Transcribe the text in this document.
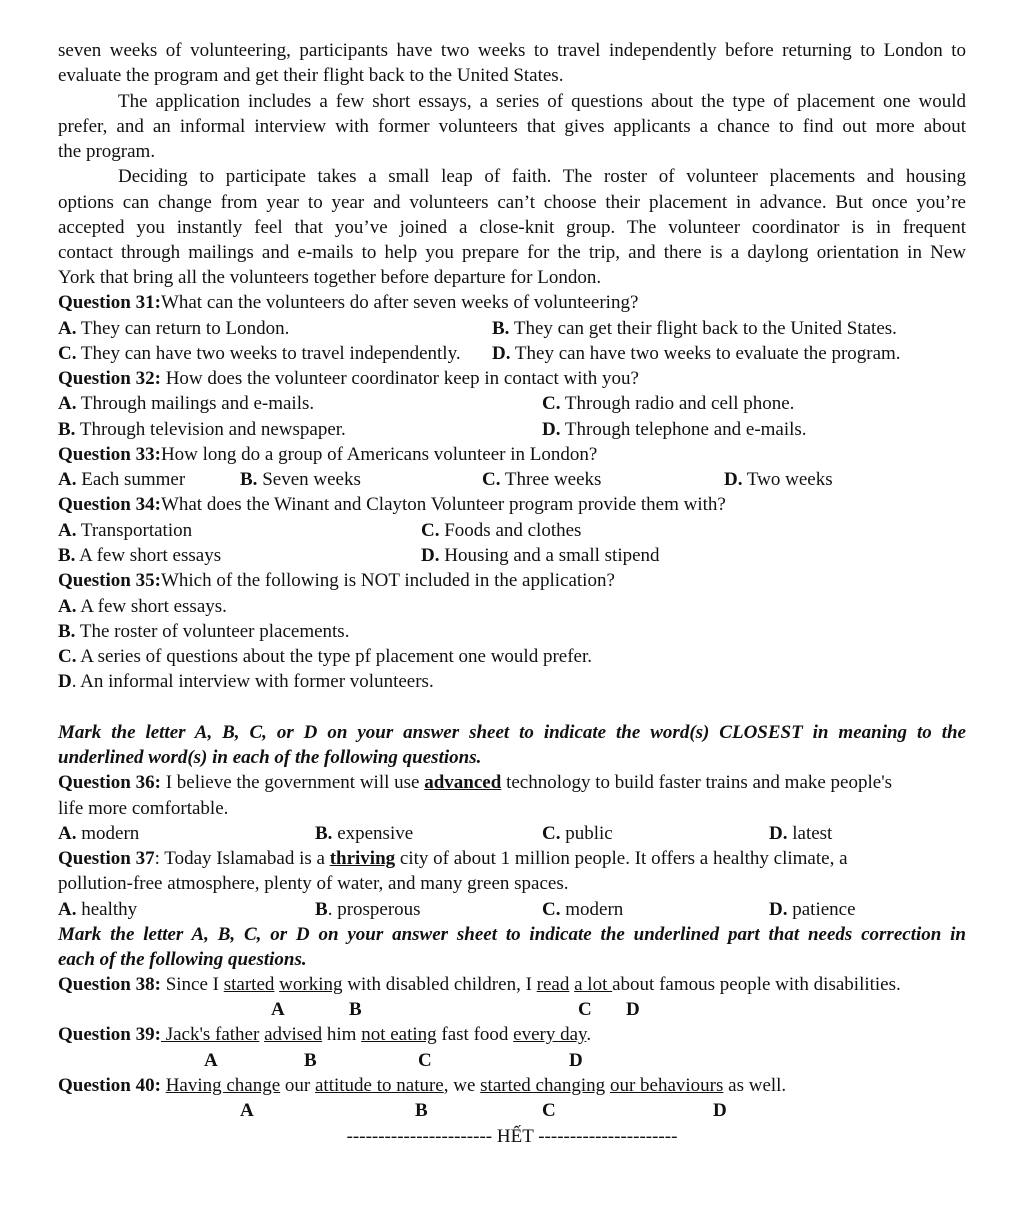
seven weeks of volunteering, participants have two weeks to travel independently before returning to London to
evaluate the program and get their flight back to the United States.
The application includes a few short essays, a series of questions about the type of placement one would
prefer, and an informal interview with former volunteers that gives applicants a chance to find out more about
the program.
Deciding to participate takes a small leap of faith. The roster of volunteer placements and housing
options can change from year to year and volunteers can’t choose their placement in advance. But once you’re
accepted you instantly feel that you’ve joined a close-knit group. The volunteer coordinator is in frequent
contact through mailings and e-mails to help you prepare for the trip, and there is a daylong orientation in New
York that bring all the volunteers together before departure for London.
Question 31:What can the volunteers do after seven weeks of volunteering?
A. They can return to London.	B. They can get their flight back to the United States.
C. They can have two weeks to travel independently. D. They can have two weeks to evaluate the program.
Question 32: How does the volunteer coordinator keep in contact with you?
A. Through mailings and e-mails.	C. Through radio and cell phone.
B. Through television and newspaper.	D. Through telephone and e-mails.
Question 33:How long do a group of Americans volunteer in London?
A. Each summer	B. Seven weeks	C. Three weeks	D. Two weeks
Question 34:What does the Winant and Clayton Volunteer program provide them with?
A. Transportation	C. Foods and clothes
B. A few short essays	D. Housing and a small stipend
Question 35:Which of the following is NOT included in the application?
A. A few short essays.
B. The roster of volunteer placements.
C. A series of questions about the type pf placement one would prefer.
D. An informal interview with former volunteers.
Mark the letter A, B, C, or D on your answer sheet to indicate the word(s) CLOSEST in meaning to the
underlined word(s) in each of the following questions.
Question 36: I believe the government will use advanced technology to build faster trains and make people's
life more comfortable.
A. modern	B. expensive	C. public	D. latest
Question 37: Today Islamabad is a thriving city of about 1 million people. It offers a healthy climate, a
pollution-free atmosphere, plenty of water, and many green spaces.
A. healthy	B. prosperous	C. modern	D. patience
Mark the letter A, B, C, or D on your answer sheet to indicate the underlined part that needs correction in
each of the following questions.
Question 38: Since I started working with disabled children, I read a lot about famous people with disabilities.
A	B	C D
Question 39: Jack's father advised him not eating fast food every day.
A	B	C	D
Question 40: Having change our attitude to nature, we started changing our behaviours as well.
A	B	C	D
----------------------- HẾT ----------------------
